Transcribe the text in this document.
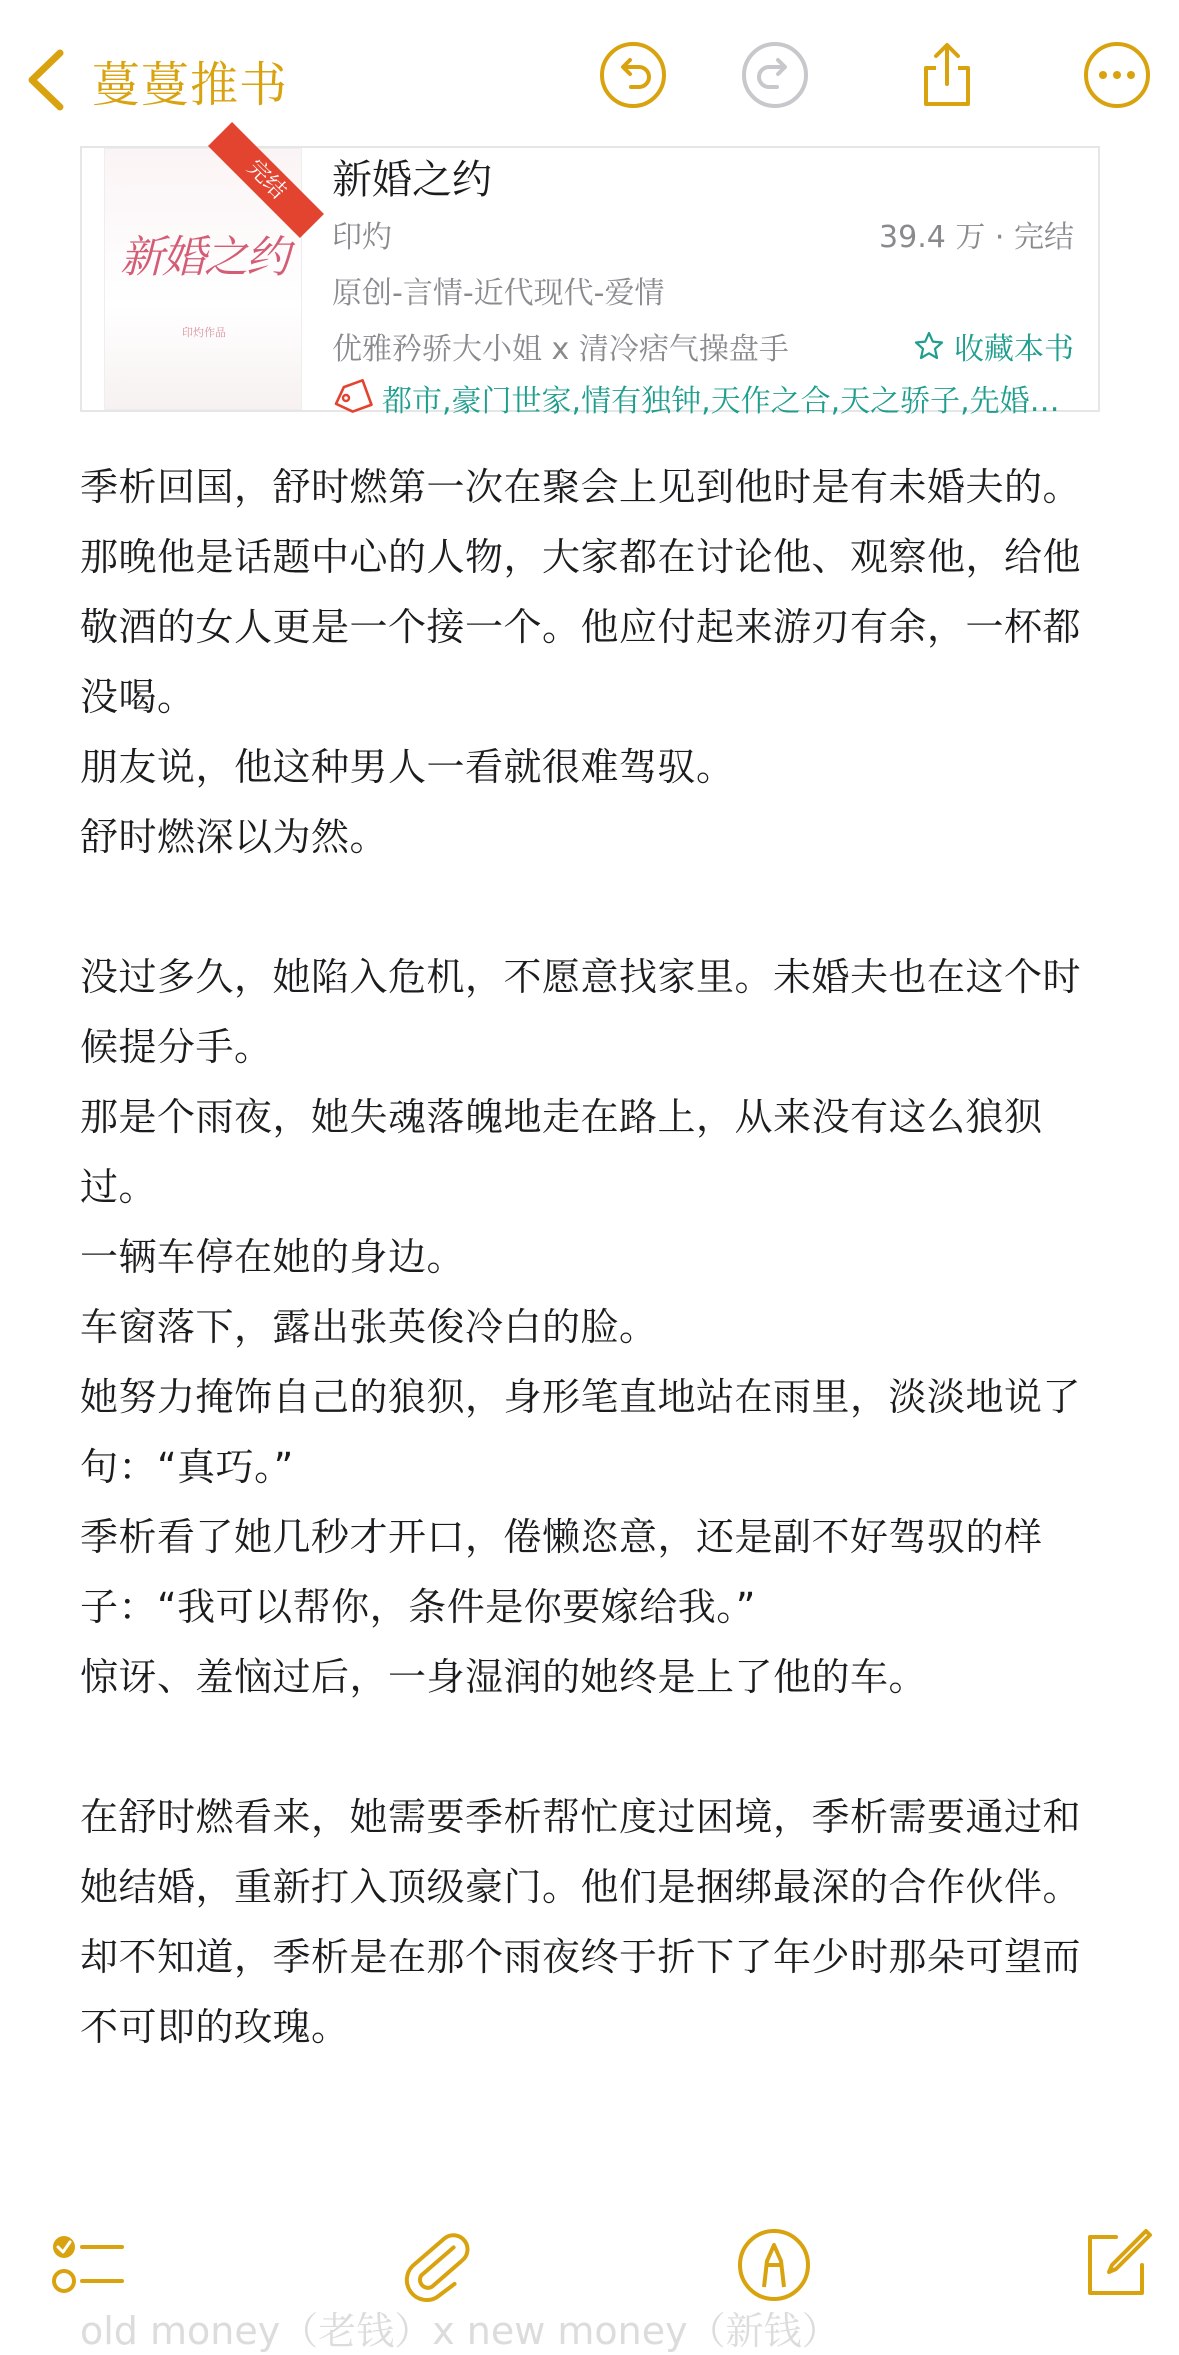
蔓蔓推书
新婚之约
印灼作品
完结	新婚之约
印灼	39.4 万 · 完结
原创-言情-近代现代-爱情
优雅矜骄大小姐 x 清冷痞气操盘手	收藏本书
都市,豪门世家,情有独钟,天作之合,天之骄子,先婚…

季析回国，舒时燃第一次在聚会上见到他时是有未婚夫的。

那晚他是话题中心的人物，大家都在讨论他、观察他，给他敬酒的女人更是一个接一个。他应付起来游刃有余，一杯都没喝。

朋友说，他这种男人一看就很难驾驭。

舒时燃深以为然。

没过多久，她陷入危机，不愿意找家里。未婚夫也在这个时候提分手。

那是个雨夜，她失魂落魄地走在路上，从来没有这么狼狈过。

一辆车停在她的身边。

车窗落下，露出张英俊冷白的脸。

她努力掩饰自己的狼狈，身形笔直地站在雨里，淡淡地说了句：“真巧。”

季析看了她几秒才开口，倦懒恣意，还是副不好驾驭的样子：“我可以帮你，条件是你要嫁给我。”

惊讶、羞恼过后，一身湿润的她终是上了他的车。

在舒时燃看来，她需要季析帮忙度过困境，季析需要通过和她结婚，重新打入顶级豪门。他们是捆绑最深的合作伙伴。

却不知道，季析是在那个雨夜终于折下了年少时那朵可望而不可即的玫瑰。

old money（老钱）x new money（新钱）
